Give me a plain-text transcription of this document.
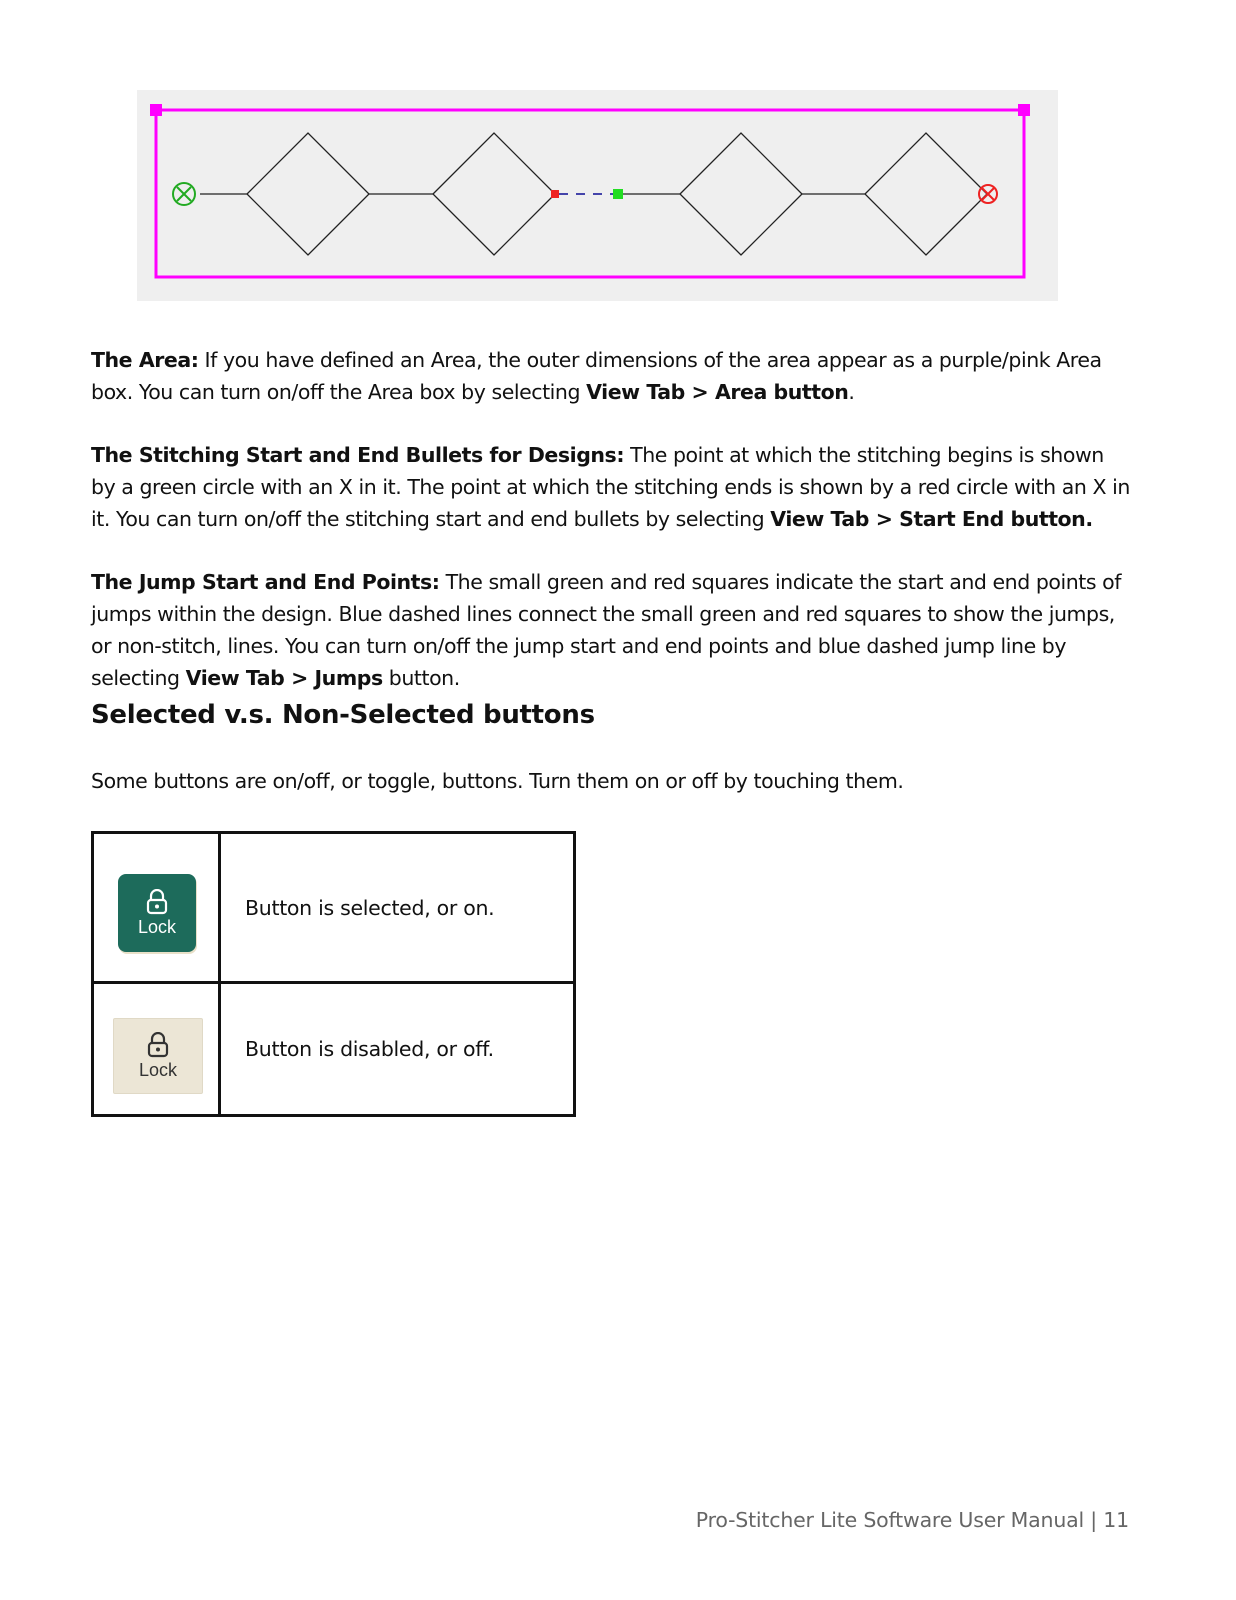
The Area: If you have defined an Area, the outer dimensions of the area appear as a purple/pink Area box. You can turn on/off the Area box by selecting View Tab > Area button.
The Stitching Start and End Bullets for Designs: The point at which the stitching begins is shown by a green circle with an X in it. The point at which the stitching ends is shown by a red circle with an X in it. You can turn on/off the stitching start and end bullets by selecting View Tab > Start End button.
The Jump Start and End Points: The small green and red squares indicate the start and end points of jumps within the design. Blue dashed lines connect the small green and red squares to show the jumps, or non-stitch, lines. You can turn on/off the jump start and end points and blue dashed jump line by selecting View Tab > Jumps button.
Selected v.s. Non-Selected buttons
Some buttons are on/off, or toggle, buttons. Turn them on or off by touching them.
Lock	Button is selected, or on.

Lock	Button is disabled, or off.
Pro-Stitcher Lite Software User Manual | 11
